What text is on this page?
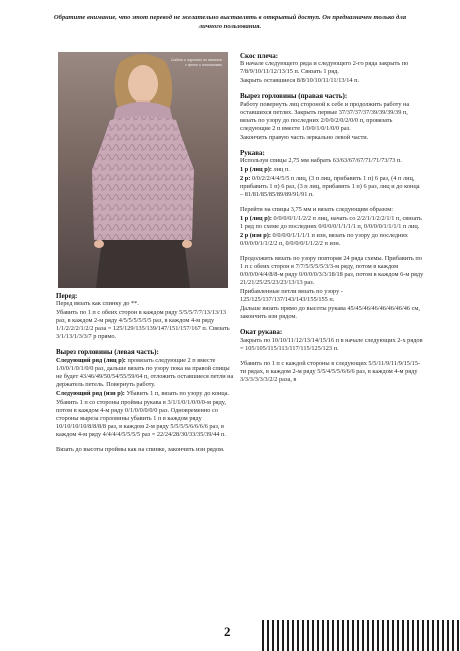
Обратите внимание, что этот перевод не желательно выставлять в открытый доступ. Он предназначен только для личного пользования.
Сайты и журналы по вязанию с фото и описаниями
Перед:
Перед вязать как спинку до **.
Убавить по 1 п с обеих сторон в каждом ряду 5/5/5/7/7/13/13/13 раз, в каждом 2-м ряду 4/5/5/5/5/5/5 раз, в каждом 4-м ряду 1/1/2/2/2/1/2/2 раза = 125/129/135/139/147/151/157/167 п. Связать 3/1/13/1/3/3/7 р прямо.
Вырез горловины (левая часть):
Следующий ряд (лиц р): провязать следующие 2 п вместе 1/0/0/1/0/1/0/0 раз, дальше вязать по узору пока на правой спицы не будет 43/46/49/50/54/55/59/64 п, отложить оставшиеся петли на держатель петель. Повернуть работу.
Следующий ряд (изн р): Убавить 1 п, вязать по узору до конца.
Убавить 1 п со стороны проймы рукава в 3/1/1/0/1/0/0/0-м ряду, потом в каждом 4-м ряду 0/1/0/0/0/0/0 раз. Одновременно со стороны выреза горловины убавить 1 п в каждом ряду 10/10/10/10/8/8/8/8 раз, в каждом 2-м ряду 5/5/5/5/6/6/6/6 раз, в каждом 4-м ряду 4/4/4/4/5/5/5/5 раз = 22/24/28/30/33/35/39/44 п.
Вязать до высоты проймы как на спинке, закончить изн рядом.
Скос плеча:
В начале следующего ряда и следующего 2-го ряда закрыть по 7/8/9/10/11/12/13/15 п. Связать 1 ряд.
Закрыть оставшиеся 8/8/10/10/11/11/13/14 п.
Вырез горловины (правая часть):
Работу повернуть лиц стороной к себе и продолжить работу на оставшихся петлях. Закрыть первые 37/37/37/37/39/39/39/39 п, вязать по узору до последних 2/0/0/2/0/2/0/0 п, провязать следующие 2 п вместе 1/0/0/1/0/1/0/0 раз.
Закончить правую часть зеркально левой части.
Рукава:
Используя спицы 2,75 мм набрать 63/63/67/67/71/71/73/73 п.
1 р (лиц р): лиц п.
2 р: 0/0/2/2/4/4/5/5 п лиц, (3 п лиц, прибавить 1 п) 6 раз, (4 п лиц, прибавить 1 п) 6 раз, (3 п лиц, прибавить 1 п) 6 раз, лиц и до конца – 81/81/85/85/89/89/91/91 п.
Перейти на спицы 3,75 мм и вязать следующим образом:
1 р (лиц р): 0/0/0/0/1/1/2/2 п лиц, начать со 2/2/1/1/2/2/1/1 п, связать 1 ряд по схеме до последних 0/0/0/0/1/1/1/1 п, 0/0/0/0/1/1/1/1 п лиц.
2 р (изн р): 0/0/0/0/1/1/1/1 п изн, вязать по узору до последних 0/0/0/0/1/1/2/2 п, 0/0/0/0/1/1/2/2 п изн.
Продолжить вязать по узору повторяя 24 ряда схемы. Прибавить по 1 п с обеих сторон в 7/7/5/5/5/5/3/3-м ряду, потом в каждом 0/0/0/0/4/4/8/8-м ряду 0/0/0/0/3/3/18/18 раз, потом в каждом 6-м ряду 21/21/25/25/23/23/13/13 раз.
Прибавленные петли вязать по узору - 125/125/137/137/143/143/155/155 п.
Дальше вязать прямо до высоты рукава 45/45/46/46/46/46/46/46 см, закончить изн рядом.
Окат рукава:
Закрыть по 10/10/11/12/13/14/15/16 п в начале следующих 2-х рядов = 105/105/115/113/117/115/125/123 п.
Убавить по 1 п с каждой стороны в следующих 5/5/11/9/11/9/15/15-ти рядах, в каждом 2-м ряду 5/5/4/5/5/6/6/6 раз, в каждом 4-м ряду 3/3/3/3/3/3/2/2 раза, в
2
